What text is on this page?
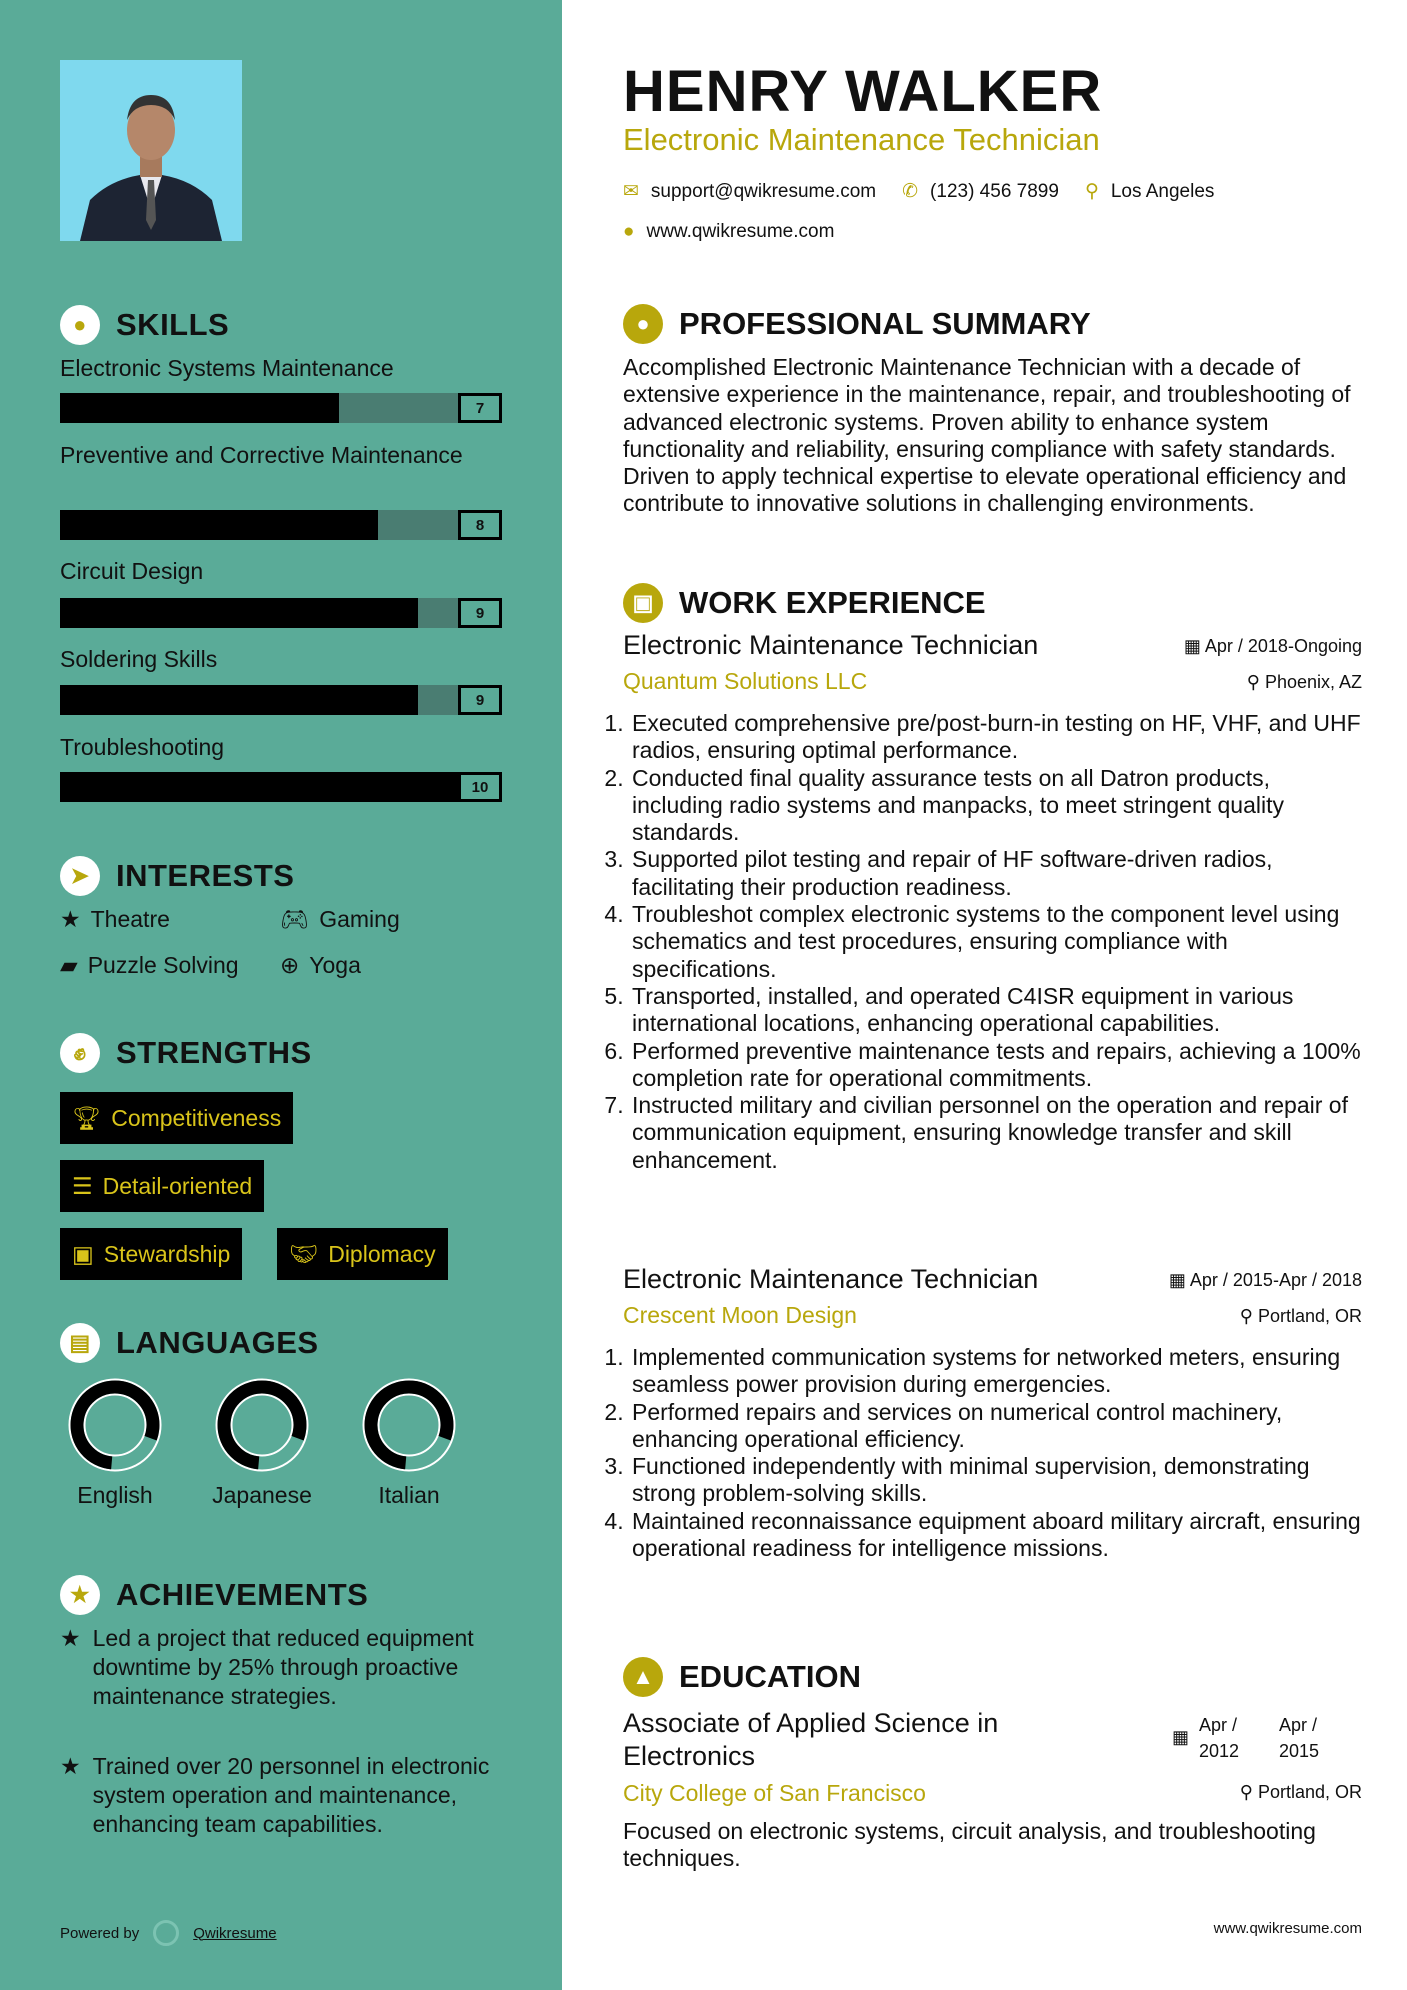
● SKILLS
Electronic Systems Maintenance
7
Preventive and Corrective Maintenance
8
Circuit Design
9
Soldering Skills
9
Troubleshooting
10
➤ INTERESTS
★ Theatre	🎮︎ Gaming
▰ Puzzle Solving ⊕ Yoga
✊︎ STRENGTHS
🏆︎ Competitiveness
☰ Detail-oriented
▣ Stewardship	🤝︎ Diplomacy
▤ LANGUAGES
English	Japanese	Italian
★ ACHIEVEMENTS
★ Led a project that reduced equipment downtime by 25% through proactive maintenance strategies.
★ Trained over 20 personnel in electronic system operation and maintenance, enhancing team capabilities.
Powered by	Qwikresume
HENRY WALKER
Electronic Maintenance Technician
✉ support@qwikresume.com ✆ (123) 456 7899 ⚲ Los Angeles
● www.qwikresume.com
● PROFESSIONAL SUMMARY
Accomplished Electronic Maintenance Technician with a decade of extensive experience in the maintenance, repair, and troubleshooting of advanced electronic systems. Proven ability to enhance system functionality and reliability, ensuring compliance with safety standards. Driven to apply technical expertise to elevate operational efficiency and contribute to innovative solutions in challenging environments.
▣ WORK EXPERIENCE
Electronic Maintenance Technician	▦ Apr / 2018-Ongoing
Quantum Solutions LLC	⚲ Phoenix, AZ
1. Executed comprehensive pre/post-burn-in testing on HF, VHF, and UHF radios, ensuring optimal performance.
2. Conducted final quality assurance tests on all Datron products, including radio systems and manpacks, to meet stringent quality standards.
3. Supported pilot testing and repair of HF software-driven radios, facilitating their production readiness.
4. Troubleshot complex electronic systems to the component level using schematics and test procedures, ensuring compliance with specifications.
5. Transported, installed, and operated C4ISR equipment in various international locations, enhancing operational capabilities.
6. Performed preventive maintenance tests and repairs, achieving a 100% completion rate for operational commitments.
7. Instructed military and civilian personnel on the operation and repair of communication equipment, ensuring knowledge transfer and skill enhancement.
Electronic Maintenance Technician	▦ Apr / 2015-Apr / 2018
Crescent Moon Design	⚲ Portland, OR
1. Implemented communication systems for networked meters, ensuring seamless power provision during emergencies.
2. Performed repairs and services on numerical control machinery, enhancing operational efficiency.
3. Functioned independently with minimal supervision, demonstrating strong problem-solving skills.
4. Maintained reconnaissance equipment aboard military aircraft, ensuring operational readiness for intelligence missions.
▲ EDUCATION
Associate of Applied Science in Electronics
▦
Apr / 2012
Apr / 2015
City College of San Francisco	⚲ Portland, OR
Focused on electronic systems, circuit analysis, and troubleshooting techniques.
www.qwikresume.com
